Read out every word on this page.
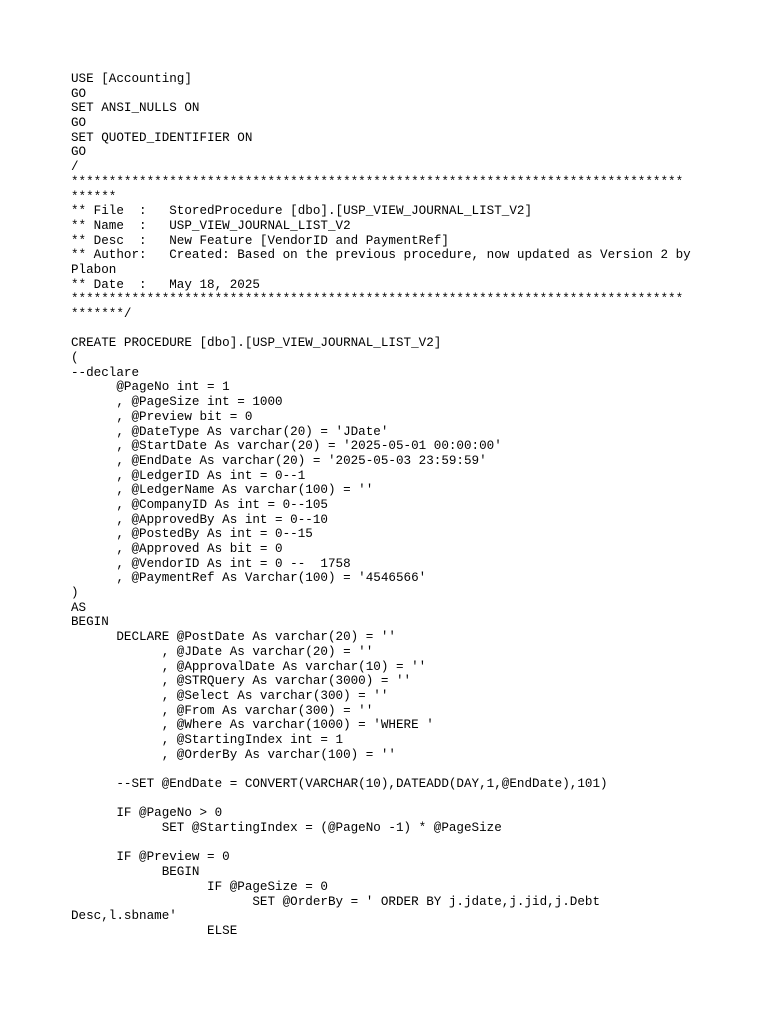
USE [Accounting]
GO
SET ANSI_NULLS ON
GO
SET QUOTED_IDENTIFIER ON
GO
/
*********************************************************************************
******
** File  :   StoredProcedure [dbo].[USP_VIEW_JOURNAL_LIST_V2]
** Name  :   USP_VIEW_JOURNAL_LIST_V2
** Desc  :   New Feature [VendorID and PaymentRef]
** Author:   Created: Based on the previous procedure, now updated as Version 2 by
Plabon
** Date  :   May 18, 2025
*********************************************************************************
*******/
CREATE PROCEDURE [dbo].[USP_VIEW_JOURNAL_LIST_V2]
(
--declare
@PageNo int = 1
, @PageSize int = 1000
, @Preview bit = 0
, @DateType As varchar(20) = 'JDate'
, @StartDate As varchar(20) = '2025-05-01 00:00:00'
, @EndDate As varchar(20) = '2025-05-03 23:59:59'
, @LedgerID As int = 0--1
, @LedgerName As varchar(100) = ''
, @CompanyID As int = 0--105
, @ApprovedBy As int = 0--10
, @PostedBy As int = 0--15
, @Approved As bit = 0
, @VendorID As int = 0 --  1758
, @PaymentRef As Varchar(100) = '4546566'
)
AS
BEGIN
DECLARE @PostDate As varchar(20) = ''
, @JDate As varchar(20) = ''
, @ApprovalDate As varchar(10) = ''
, @STRQuery As varchar(3000) = ''
, @Select As varchar(300) = ''
, @From As varchar(300) = ''
, @Where As varchar(1000) = 'WHERE '
, @StartingIndex int = 1
, @OrderBy As varchar(100) = ''
--SET @EndDate = CONVERT(VARCHAR(10),DATEADD(DAY,1,@EndDate),101)
IF @PageNo > 0
SET @StartingIndex = (@PageNo -1) * @PageSize
IF @Preview = 0
BEGIN
IF @PageSize = 0
SET @OrderBy = ' ORDER BY j.jdate,j.jid,j.Debt
Desc,l.sbname'
ELSE
